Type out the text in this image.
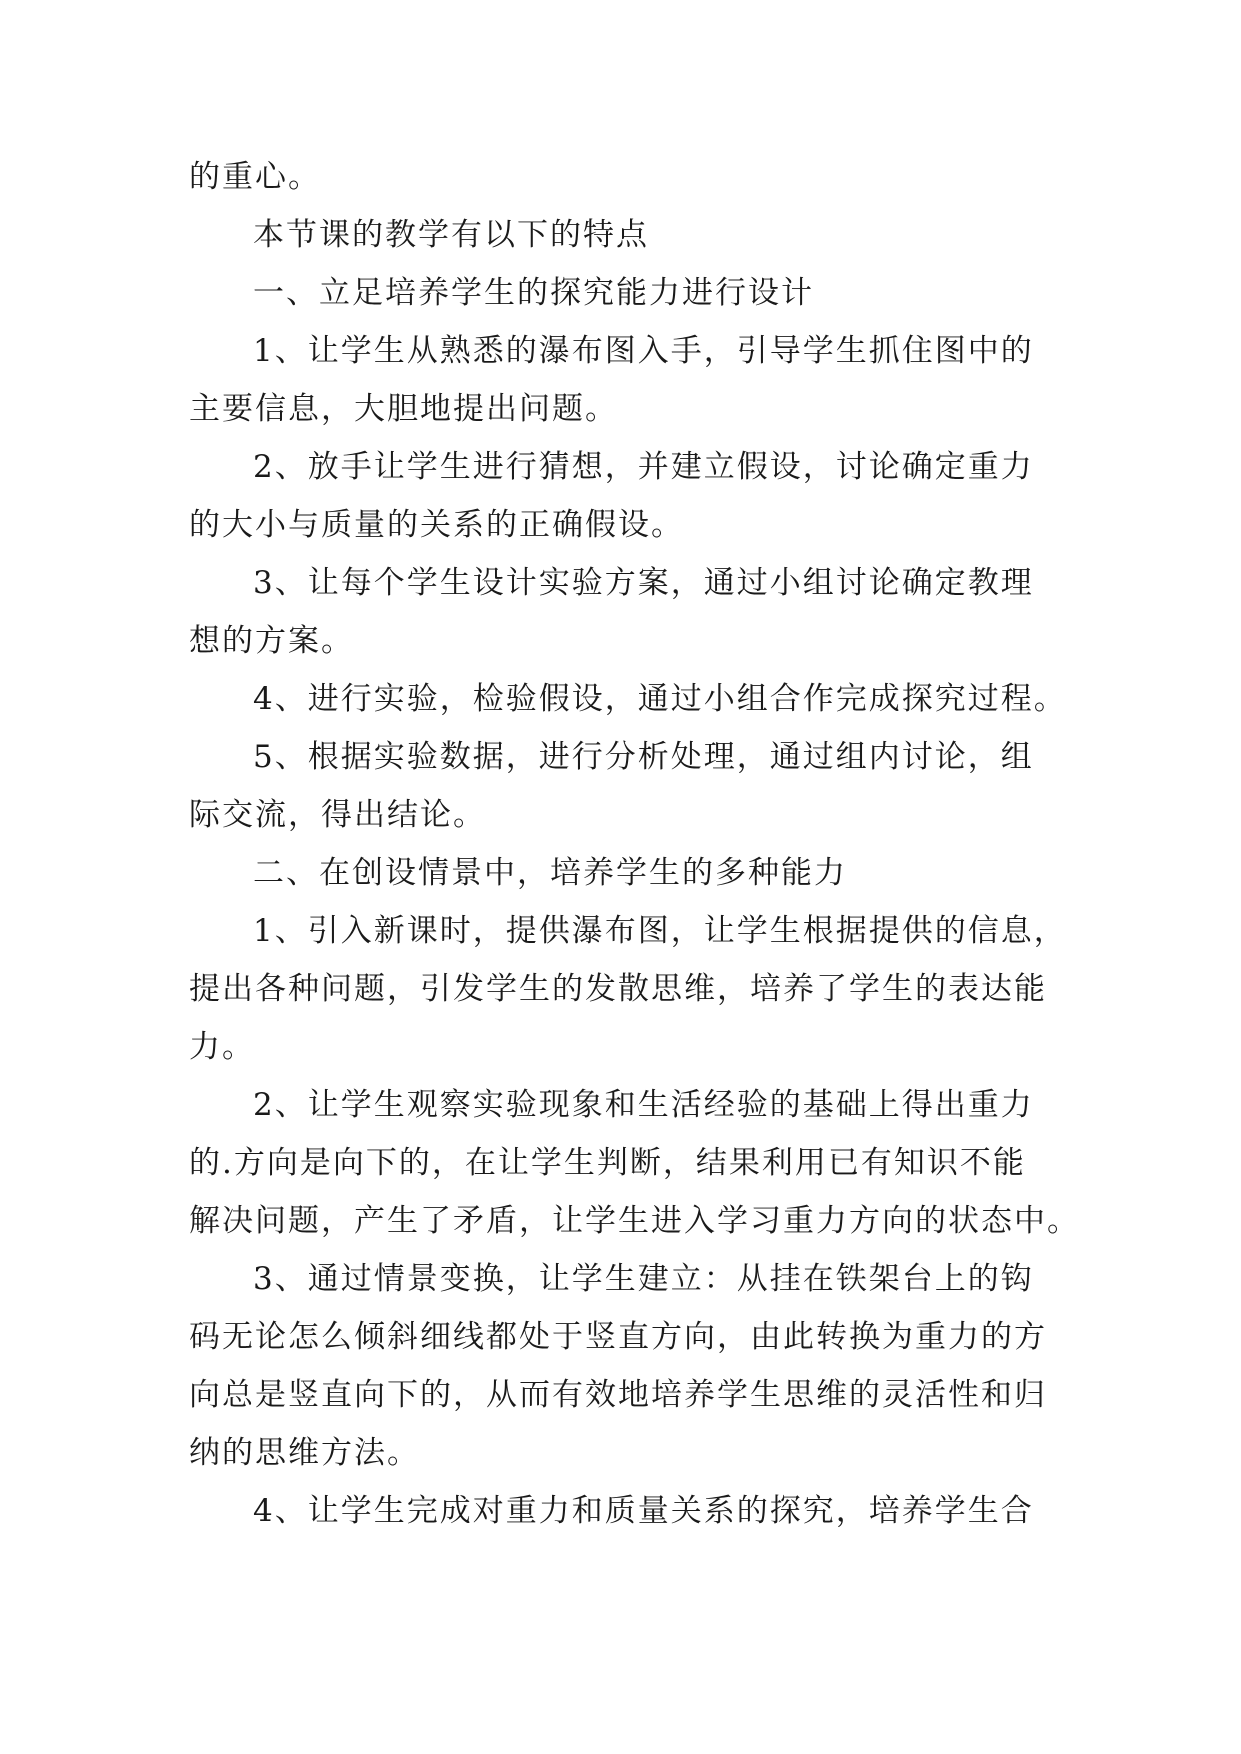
的重心。

本节课的教学有以下的特点

一、立足培养学生的探究能力进行设计

1、让学生从熟悉的瀑布图入手，引导学生抓住图中的
主要信息，大胆地提出问题。

2、放手让学生进行猜想，并建立假设，讨论确定重力
的大小与质量的关系的正确假设。

3、让每个学生设计实验方案，通过小组讨论确定教理
想的方案。

4、进行实验，检验假设，通过小组合作完成探究过程。

5、根据实验数据，进行分析处理，通过组内讨论，组
际交流，得出结论。

二、在创设情景中，培养学生的多种能力

1、引入新课时，提供瀑布图，让学生根据提供的信息，
提出各种问题，引发学生的发散思维，培养了学生的表达能
力。

2、让学生观察实验现象和生活经验的基础上得出重力
的.方向是向下的，在让学生判断，结果利用已有知识不能
解决问题，产生了矛盾，让学生进入学习重力方向的状态中。

3、通过情景变换，让学生建立：从挂在铁架台上的钩
码无论怎么倾斜细线都处于竖直方向，由此转换为重力的方
向总是竖直向下的，从而有效地培养学生思维的灵活性和归
纳的思维方法。

4、让学生完成对重力和质量关系的探究，培养学生合
